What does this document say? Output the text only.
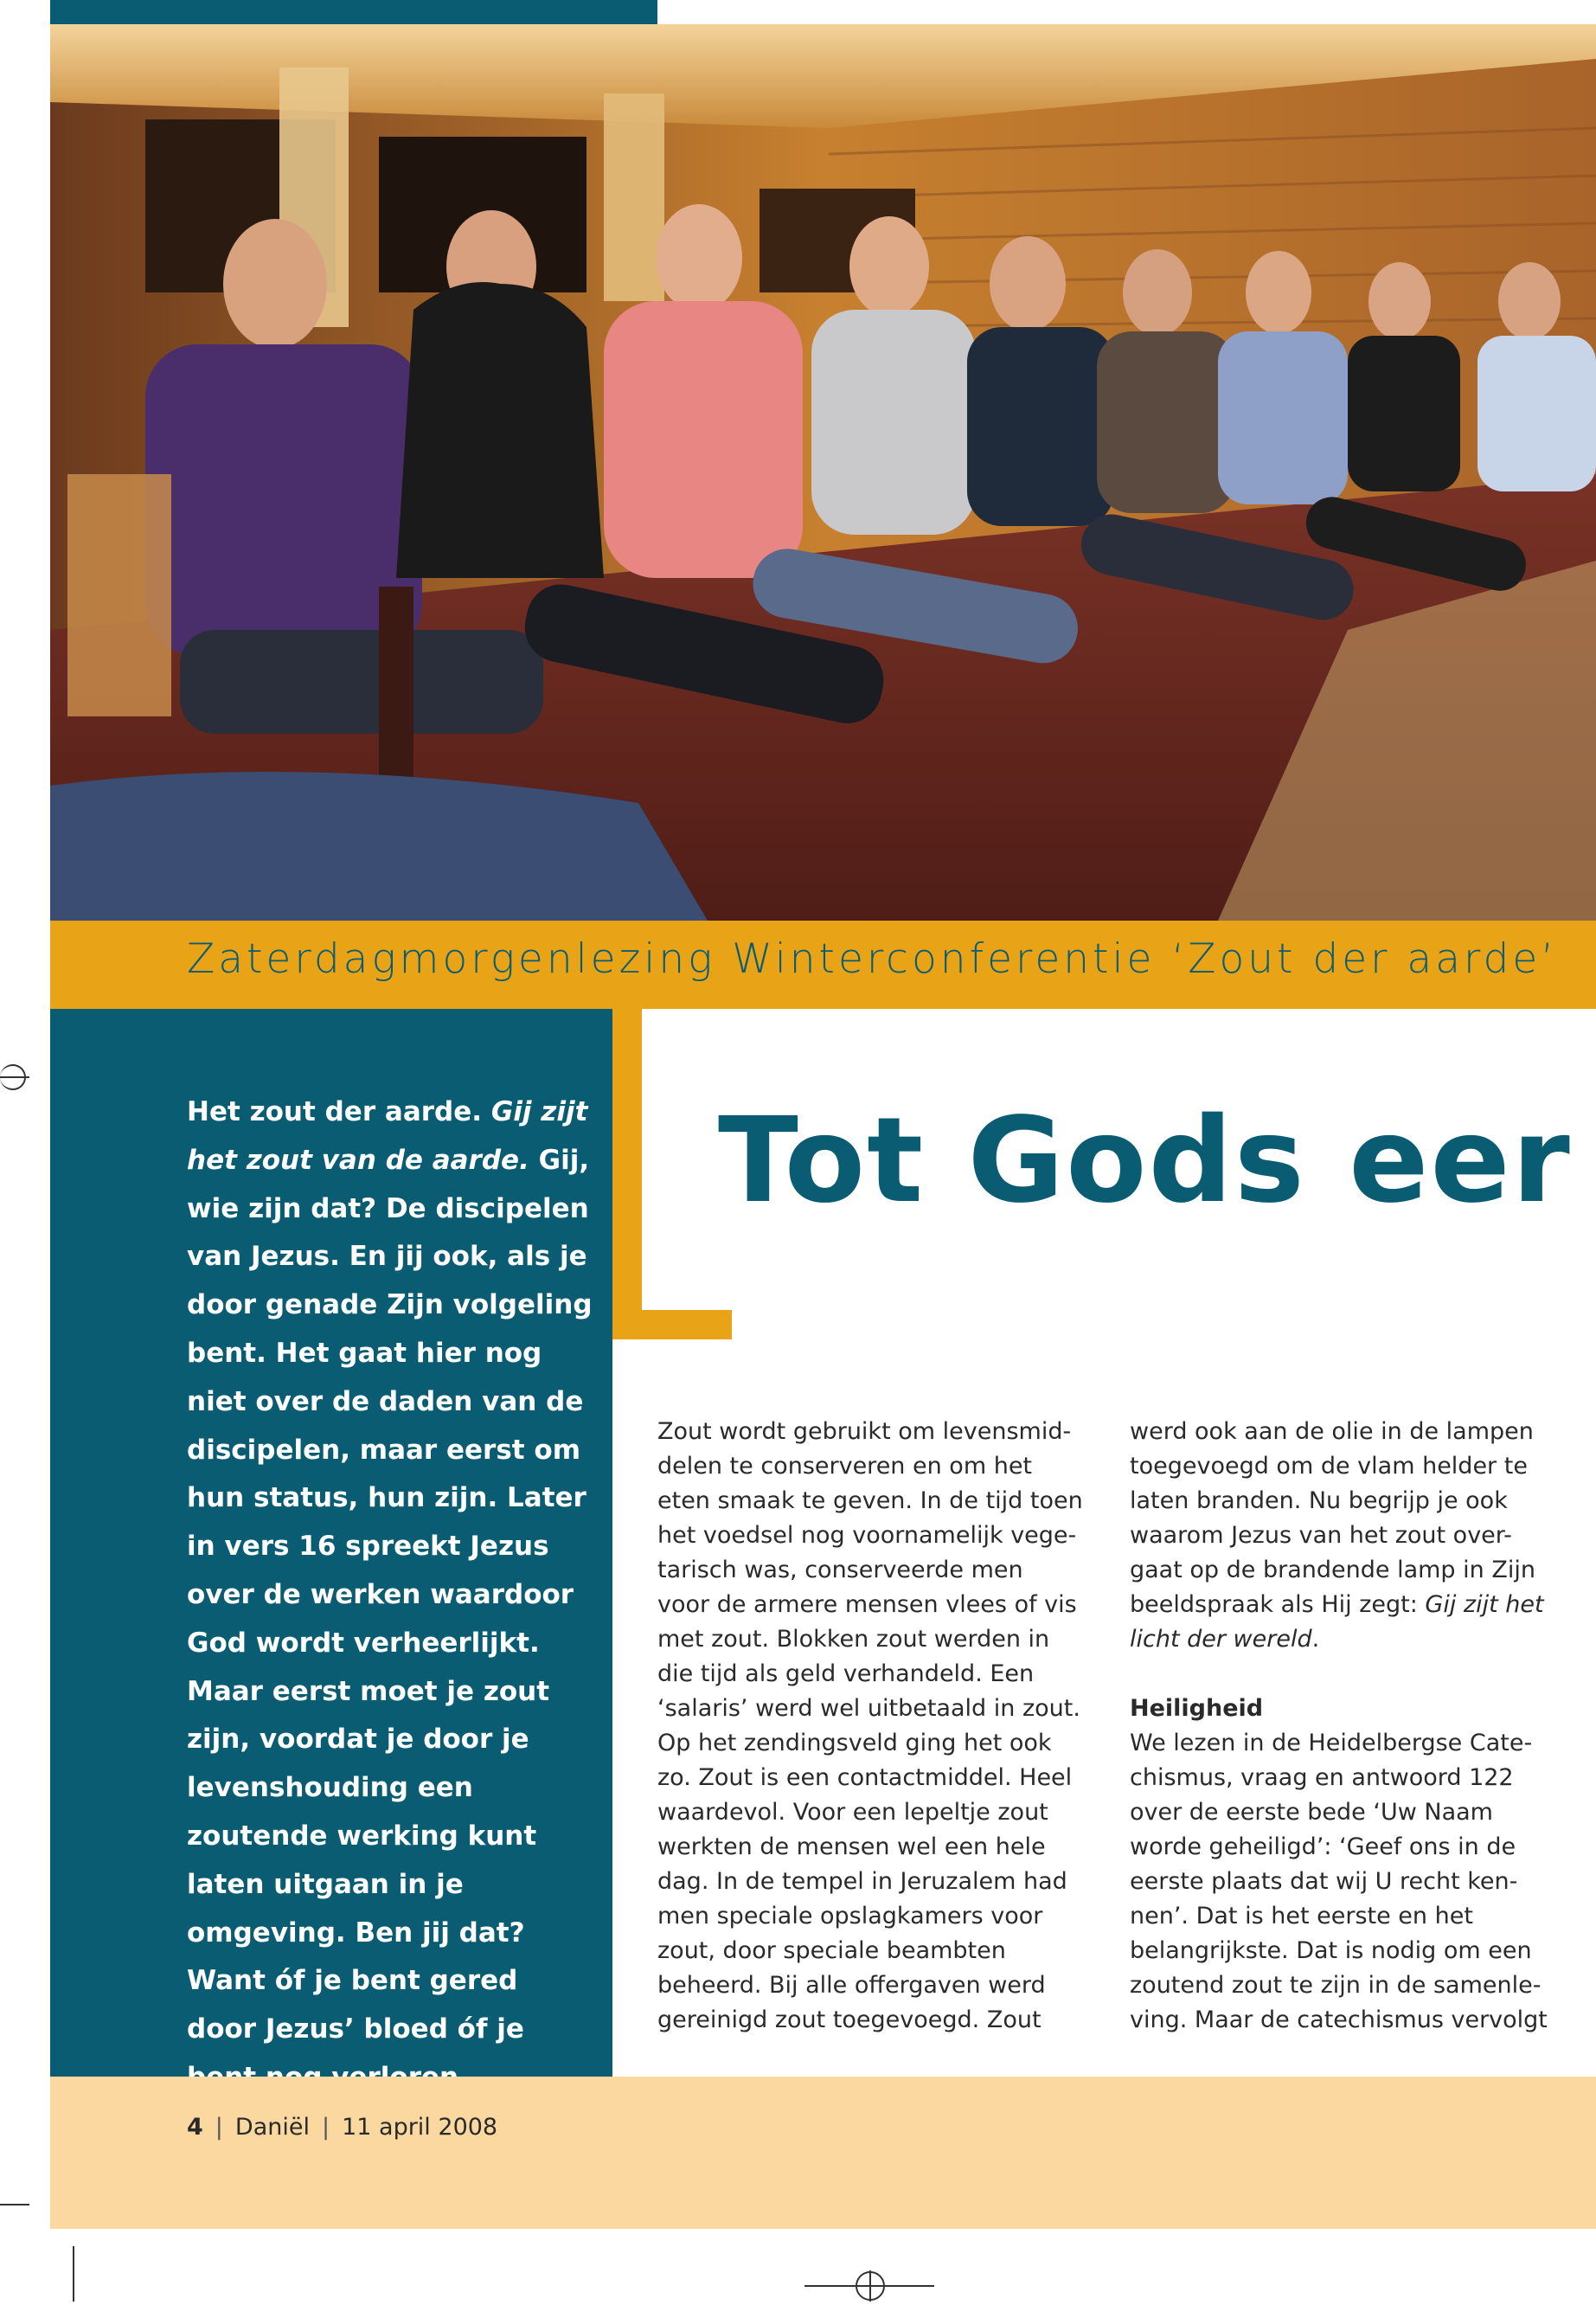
Zaterdagmorgenlezing Winterconferentie ‘Zout der aarde’

Het zout der aarde. Gij zijt het zout van de aarde. Gij, wie zijn dat? De discipelen van Jezus. En jij ook, als je door genade Zijn volgeling bent. Het gaat hier nog niet over de daden van de discipelen, maar eerst om hun status, hun zijn. Later in vers 16 spreekt Jezus over de werken waardoor God wordt verheerlijkt. Maar eerst moet je zout zijn, voordat je door je levenshouding een zoutende werking kunt laten uitgaan in je omgeving. Ben jij dat? Want óf je bent gered door Jezus’ bloed óf je

Tot Gods eer
Zout wordt gebruikt om levensmid-
delen te conserveren en om het
eten smaak te geven. In de tijd toen
het voedsel nog voornamelijk vege-
tarisch was, conserveerde men
voor de armere mensen vlees of vis
met zout. Blokken zout werden in
die tijd als geld verhandeld. Een
‘salaris’ werd wel uitbetaald in zout.
Op het zendingsveld ging het ook
zo. Zout is een contactmiddel. Heel
waardevol. Voor een lepeltje zout
werkten de mensen wel een hele
dag. In de tempel in Jeruzalem had
men speciale opslagkamers voor
zout, door speciale beambten
beheerd. Bij alle offergaven werd
gereinigd zout toegevoegd. Zout
werd ook aan de olie in de lampen
toegevoegd om de vlam helder te
laten branden. Nu begrijp je ook
waarom Jezus van het zout over-
gaat op de brandende lamp in Zijn
beeldspraak als Hij zegt: Gij zijt het
licht der wereld.

Heiligheid
We lezen in de Heidelbergse Cate-
chismus, vraag en antwoord 122
over de eerste bede ‘Uw Naam
worde geheiligd’: ‘Geef ons in de
eerste plaats dat wij U recht ken-
nen’. Dat is het eerste en het
belangrijkste. Dat is nodig om een
zoutend zout te zijn in de samenle-
ving. Maar de catechismus vervolgt
4 | Daniël | 11 april 2008
